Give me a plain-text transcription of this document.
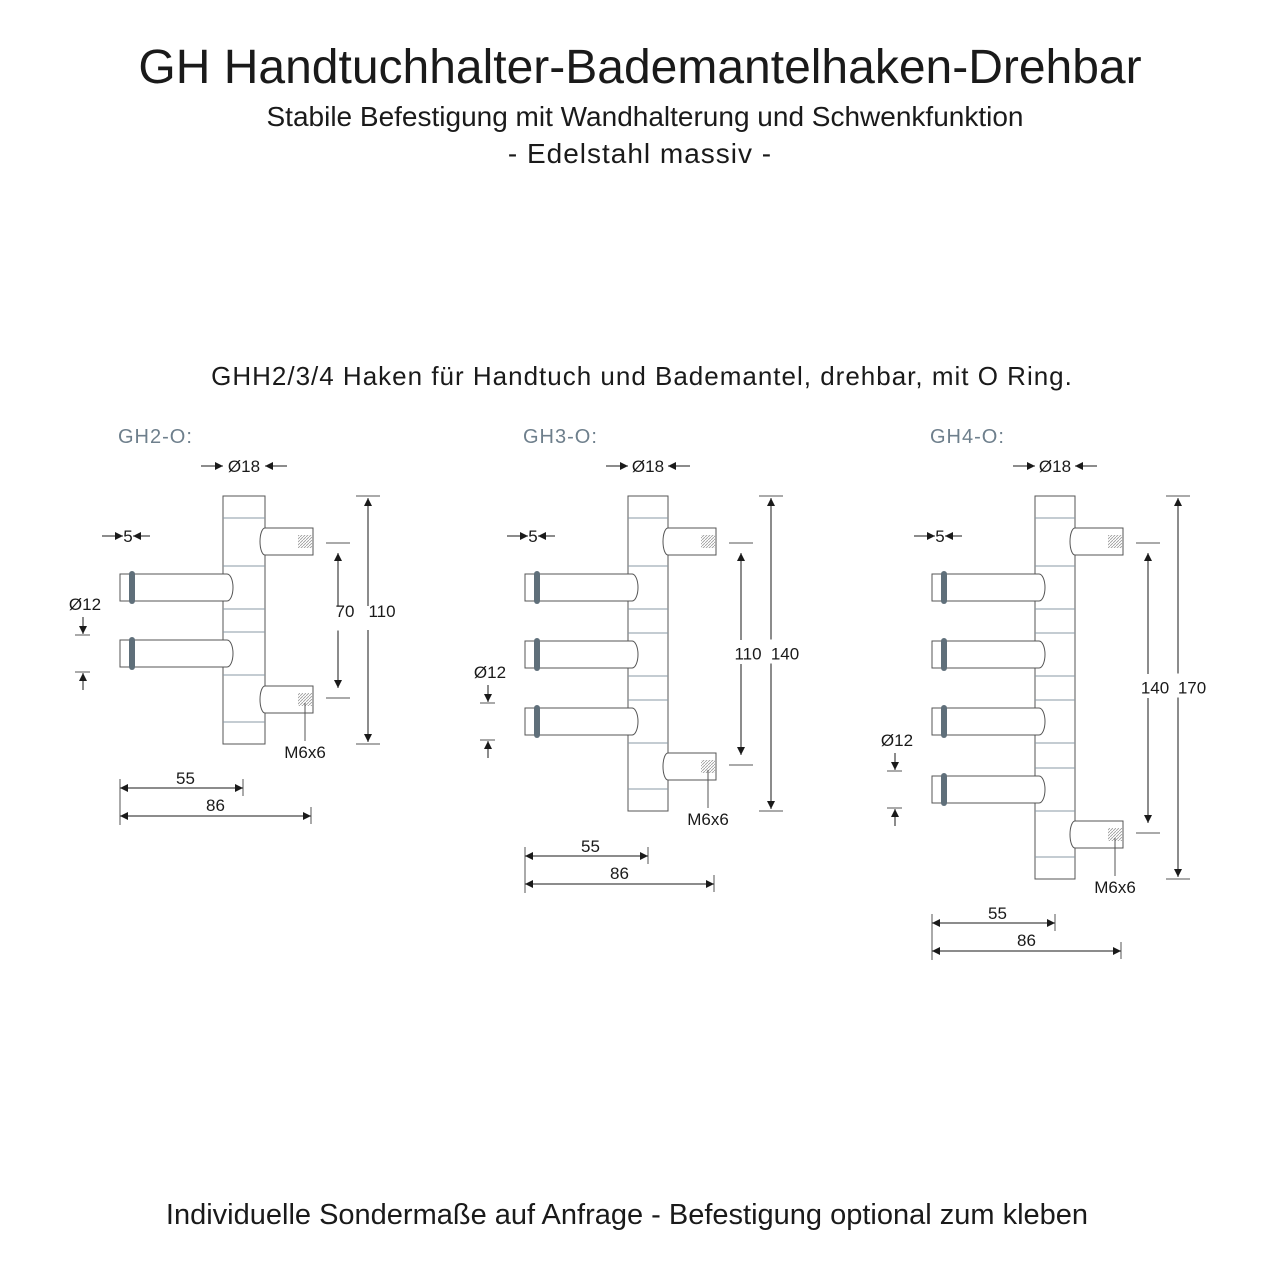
GH Handtuchhalter-Bademantelhaken-Drehbar
Stabile Befestigung mit Wandhalterung und Schwenkfunktion
- Edelstahl massiv -
GHH2/3/4 Haken für Handtuch und Bademantel, drehbar, mit O Ring.
GH2-O:
Ø18
5
Ø12	70 110
M6x6
55
86
GH3-O:
Ø18
5
Ø12
110 140
M6x6
55
86
GH4-O:
Ø18
5
Ø12
140 170
M6x6
55
86
Individuelle Sondermaße auf Anfrage - Befestigung optional zum kleben
